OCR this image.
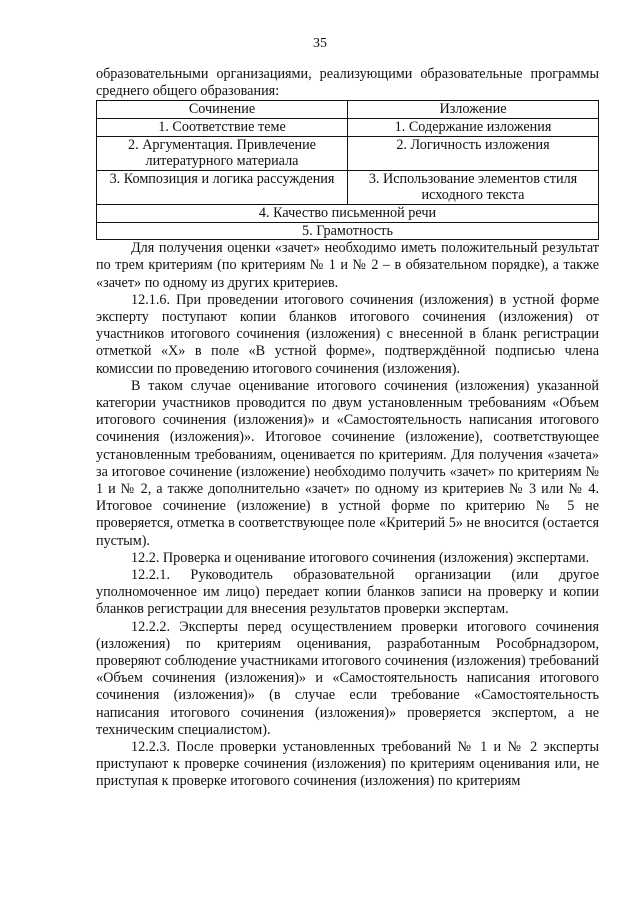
35

образовательными организациями, реализующими образовательные программы среднего общего образования:

Сочинение	Изложение
1. Соответствие теме	1. Содержание изложения
2. Аргументация. Привлечение литературного материала	2. Логичность изложения
3. Композиция и логика рассуждения	3. Использование элементов стиля исходного текста
4. Качество письменной речи	
5. Грамотность	

Для получения оценки «зачет» необходимо иметь положительный результат по трем критериям (по критериям № 1 и № 2 – в обязательном порядке), а также «зачет» по одному из других критериев.

12.1.6. При проведении итогового сочинения (изложения) в устной форме эксперту поступают копии бланков итогового сочинения (изложения) от участников итогового сочинения (изложения) с внесенной в бланк регистрации отметкой «Х» в поле «В устной форме», подтверждённой подписью члена комиссии по проведению итогового сочинения (изложения).

В таком случае оценивание итогового сочинения (изложения) указанной категории участников проводится по двум установленным требованиям «Объем итогового сочинения (изложения)» и «Самостоятельность написания итогового сочинения (изложения)». Итоговое сочинение (изложение), соответствующее установленным требованиям, оценивается по критериям. Для получения «зачета» за итоговое сочинение (изложение) необходимо получить «зачет» по критериям № 1 и № 2, а также дополнительно «зачет» по одному из критериев № 3 или № 4. Итоговое сочинение (изложение) в устной форме по критерию № 5 не проверяется, отметка в соответствующее поле «Критерий 5» не вносится (остается пустым).

12.2. Проверка и оценивание итогового сочинения (изложения) экспертами.

12.2.1. Руководитель образовательной организации (или другое уполномоченное им лицо) передает копии бланков записи на проверку и копии бланков регистрации для внесения результатов проверки экспертам.

12.2.2. Эксперты перед осуществлением проверки итогового сочинения (изложения) по критериям оценивания, разработанным Рособрнадзором, проверяют соблюдение участниками итогового сочинения (изложения) требований «Объем сочинения (изложения)» и «Самостоятельность написания итогового сочинения (изложения)» (в случае если требование «Самостоятельность написания итогового сочинения (изложения)» проверяется экспертом, а не техническим специалистом).

12.2.3. После проверки установленных требований № 1 и № 2 эксперты приступают к проверке сочинения (изложения) по критериям оценивания или, не приступая к проверке итогового сочинения (изложения) по критериям
